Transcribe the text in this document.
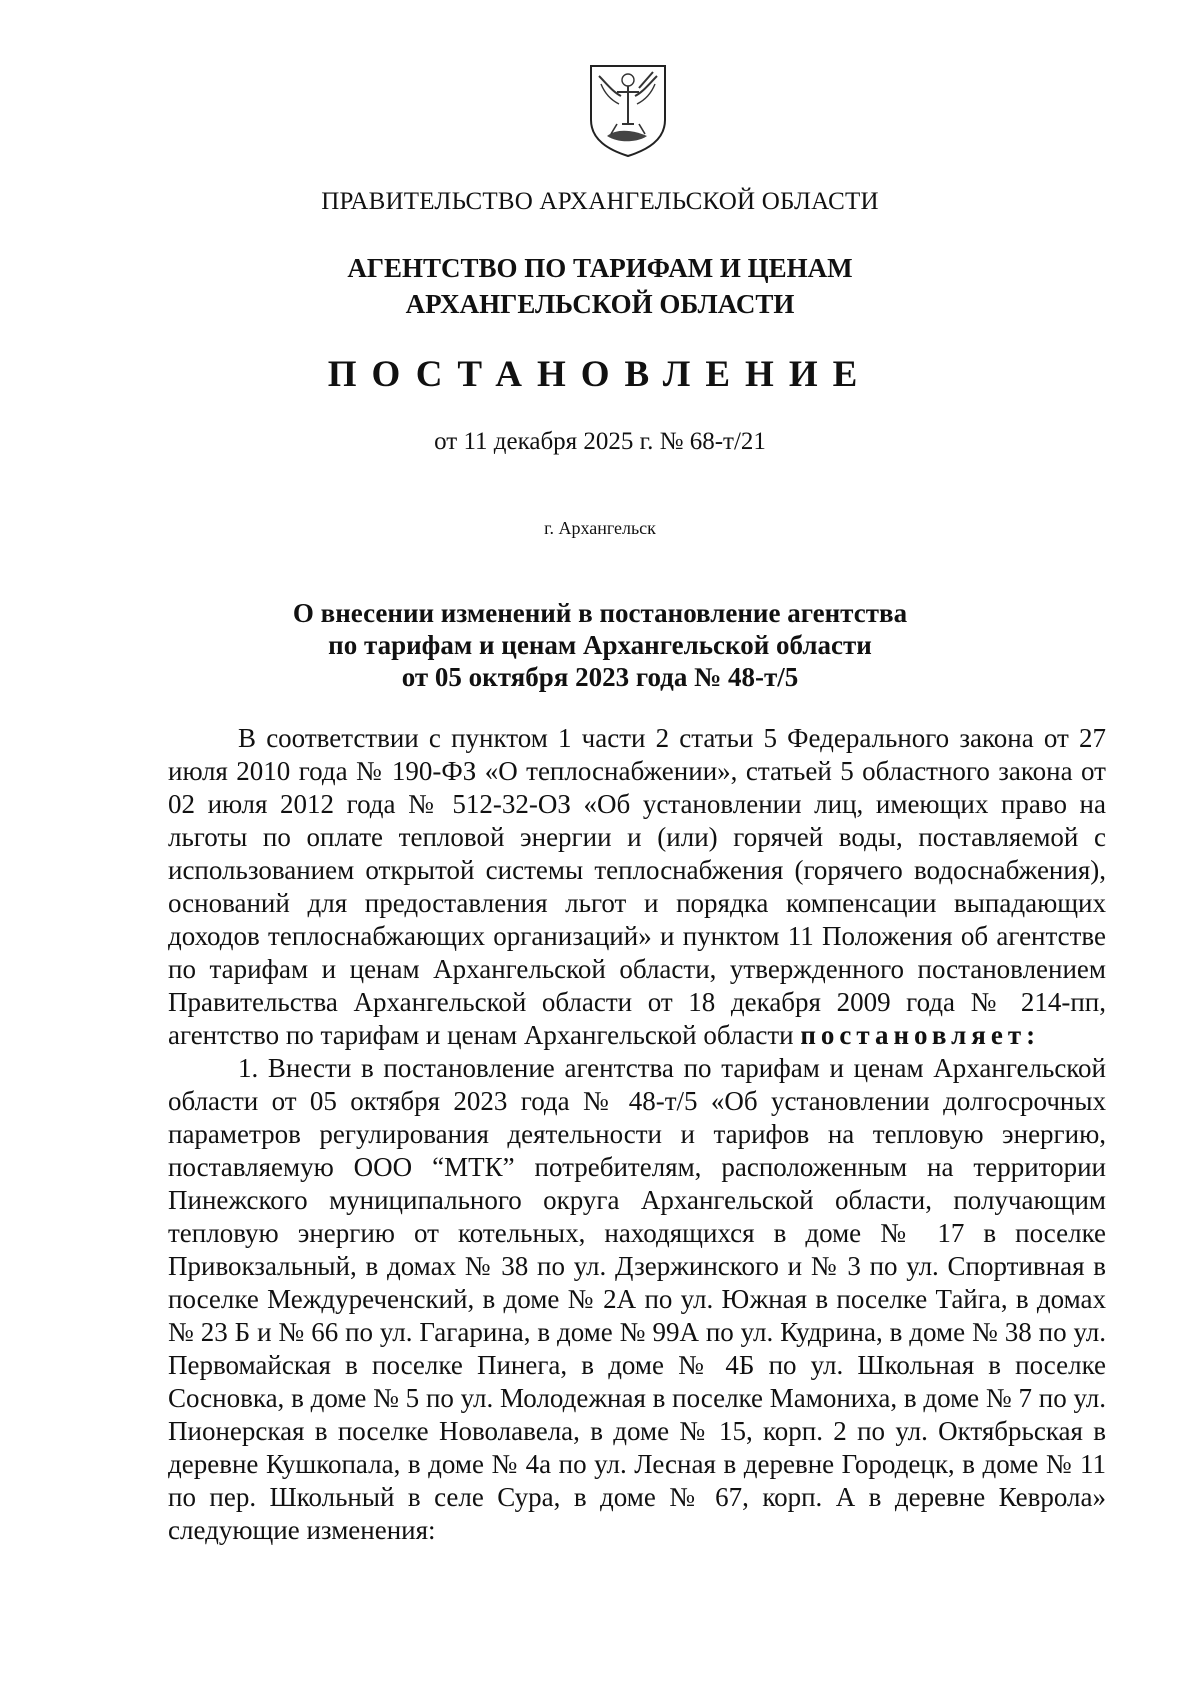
ПРАВИТЕЛЬСТВО АРХАНГЕЛЬСКОЙ ОБЛАСТИ
АГЕНТСТВО ПО ТАРИФАМ И ЦЕНАМ
АРХАНГЕЛЬСКОЙ ОБЛАСТИ
ПОСТАНОВЛЕНИЕ
от 11 декабря 2025 г. № 68-т/21
г. Архангельск
О внесении изменений в постановление агентства
по тарифам и ценам Архангельской области
от 05 октября 2023 года № 48-т/5

В соответствии с пунктом 1 части 2 статьи 5 Федерального закона от 27 июля 2010 года № 190-ФЗ «О теплоснабжении», статьей 5 областного закона от 02 июля 2012 года № 512-32-ОЗ «Об установлении лиц, имеющих право на льготы по оплате тепловой энергии и (или) горячей воды, поставляемой с использованием открытой системы теплоснабжения (горячего водоснабжения), оснований для предоставления льгот и порядка компенсации выпадающих доходов теплоснабжающих организаций» и пунктом 11 Положения об агентстве по тарифам и ценам Архангельской области, утвержденного постановлением Правительства Архангельской области от 18 декабря 2009 года № 214-пп, агентство по тарифам и ценам Архангельской области постановляет:

1. Внести в постановление агентства по тарифам и ценам Архангельской области от 05 октября 2023 года № 48-т/5 «Об установлении долгосрочных параметров регулирования деятельности и тарифов на тепловую энергию, поставляемую ООО “МТК” потребителям, расположенным на территории Пинежского муниципального округа Архангельской области, получающим тепловую энергию от котельных, находящихся в доме № 17 в поселке Привокзальный, в домах № 38 по ул. Дзержинского и № 3 по ул. Спортивная в поселке Междуреченский, в доме № 2А по ул. Южная в поселке Тайга, в домах № 23 Б и № 66 по ул. Гагарина, в доме № 99А по ул. Кудрина, в доме № 38 по ул. Первомайская в поселке Пинега, в доме № 4Б по ул. Школьная в поселке Сосновка, в доме № 5 по ул. Молодежная в поселке Мамониха, в доме № 7 по ул. Пионерская в поселке Новолавела, в доме № 15, корп. 2 по ул. Октябрьская в деревне Кушкопала, в доме № 4а по ул. Лесная в деревне Городецк, в доме № 11 по пер. Школьный в селе Сура, в доме № 67, корп. А в деревне Кеврола» следующие изменения:
